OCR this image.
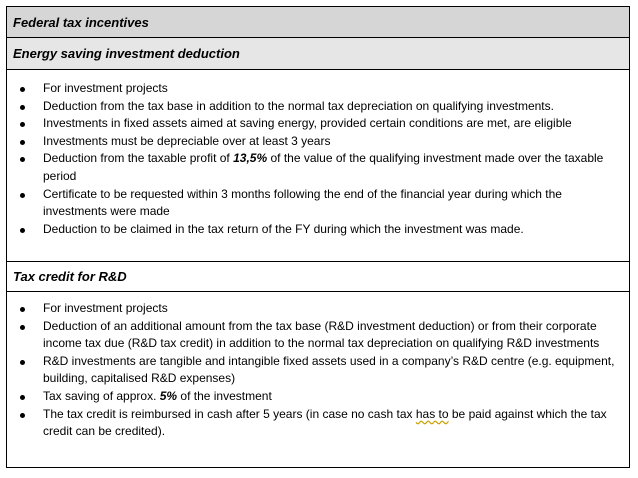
Federal tax incentives
Energy saving investment deduction
For investment projects
Deduction from the tax base in addition to the normal tax depreciation on qualifying investments.
Investments in fixed assets aimed at saving energy, provided certain conditions are met, are eligible
Investments must be depreciable over at least 3 years
Deduction from the taxable profit of 13,5% of the value of the qualifying investment made over the taxable period
Certificate to be requested within 3 months following the end of the financial year during which the investments were made
Deduction to be claimed in the tax return of the FY during which the investment was made.
Tax credit for R&D
For investment projects
Deduction of an additional amount from the tax base (R&D investment deduction) or from their corporate income tax due (R&D tax credit) in addition to the normal tax depreciation on qualifying R&D investments
R&D investments are tangible and intangible fixed assets used in a company’s R&D centre (e.g. equipment, building, capitalised R&D expenses)
Tax saving of approx. 5% of the investment
The tax credit is reimbursed in cash after 5 years (in case no cash tax has to be paid against which the tax credit can be credited).
